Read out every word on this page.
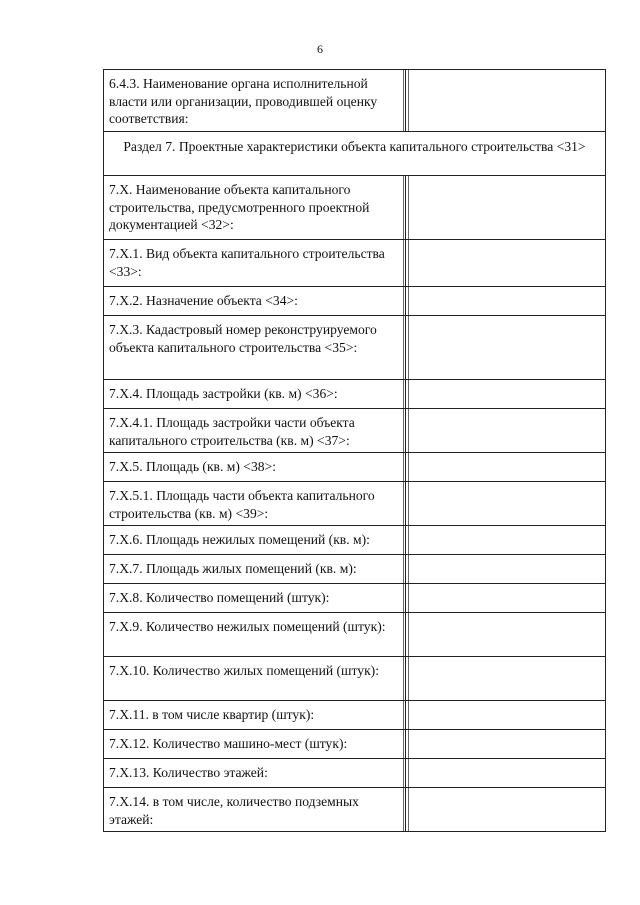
6
6.4.3. Наименование органа исполнительной власти или организации, проводившей оценку соответствия:	
Раздел 7. Проектные характеристики объекта капитального строительства <31>	
7.Х. Наименование объекта капитального строительства, предусмотренного проектной документацией <32>:	
7.Х.1. Вид объекта капитального строительства <33>:	
7.Х.2. Назначение объекта <34>:	
7.Х.3. Кадастровый номер реконструируемого объекта капитального строительства <35>:	
7.Х.4. Площадь застройки (кв. м) <36>:	
7.Х.4.1. Площадь застройки части объекта капитального строительства (кв. м) <37>:	
7.Х.5. Площадь (кв. м) <38>:	
7.Х.5.1. Площадь части объекта капитального строительства (кв. м) <39>:	
7.Х.6. Площадь нежилых помещений (кв. м):	
7.Х.7. Площадь жилых помещений (кв. м):	
7.Х.8. Количество помещений (штук):	
7.Х.9. Количество нежилых помещений (штук):	
7.Х.10. Количество жилых помещений (штук):	
7.Х.11. в том числе квартир (штук):	
7.Х.12. Количество машино-мест (штук):	
7.Х.13. Количество этажей:	
7.Х.14. в том числе, количество подземных этажей:	
